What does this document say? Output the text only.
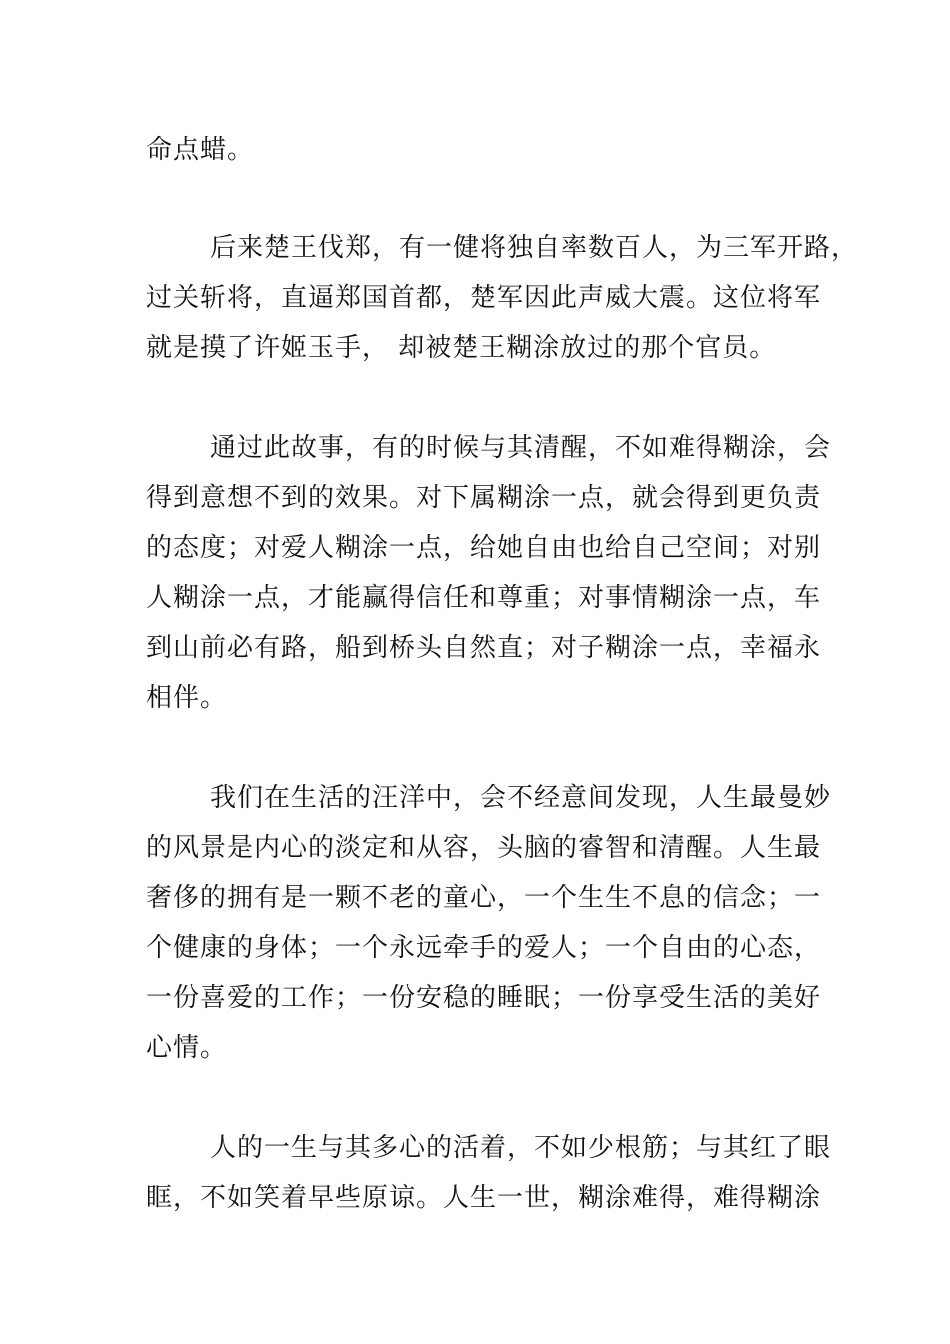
命点蜡。

后来楚王伐郑，有一健将独自率数百人，为三军开路，

过关斩将，直逼郑国首都，楚军因此声威大震。这位将军

就是摸了许姬玉手， 却被楚王糊涂放过的那个官员。

通过此故事，有的时候与其清醒，不如难得糊涂，会

得到意想不到的效果。对下属糊涂一点，就会得到更负责

的态度；对爱人糊涂一点，给她自由也给自己空间；对别

人糊涂一点，才能赢得信任和尊重；对事情糊涂一点，车

到山前必有路，船到桥头自然直；对子糊涂一点，幸福永

相伴。

我们在生活的汪洋中，会不经意间发现，人生最曼妙

的风景是内心的淡定和从容，头脑的睿智和清醒。人生最

奢侈的拥有是一颗不老的童心，一个生生不息的信念；一

个健康的身体；一个永远牵手的爱人；一个自由的心态，

一份喜爱的工作；一份安稳的睡眠；一份享受生活的美好

心情。

人的一生与其多心的活着，不如少根筋；与其红了眼

眶，不如笑着早些原谅。人生一世，糊涂难得，难得糊涂
